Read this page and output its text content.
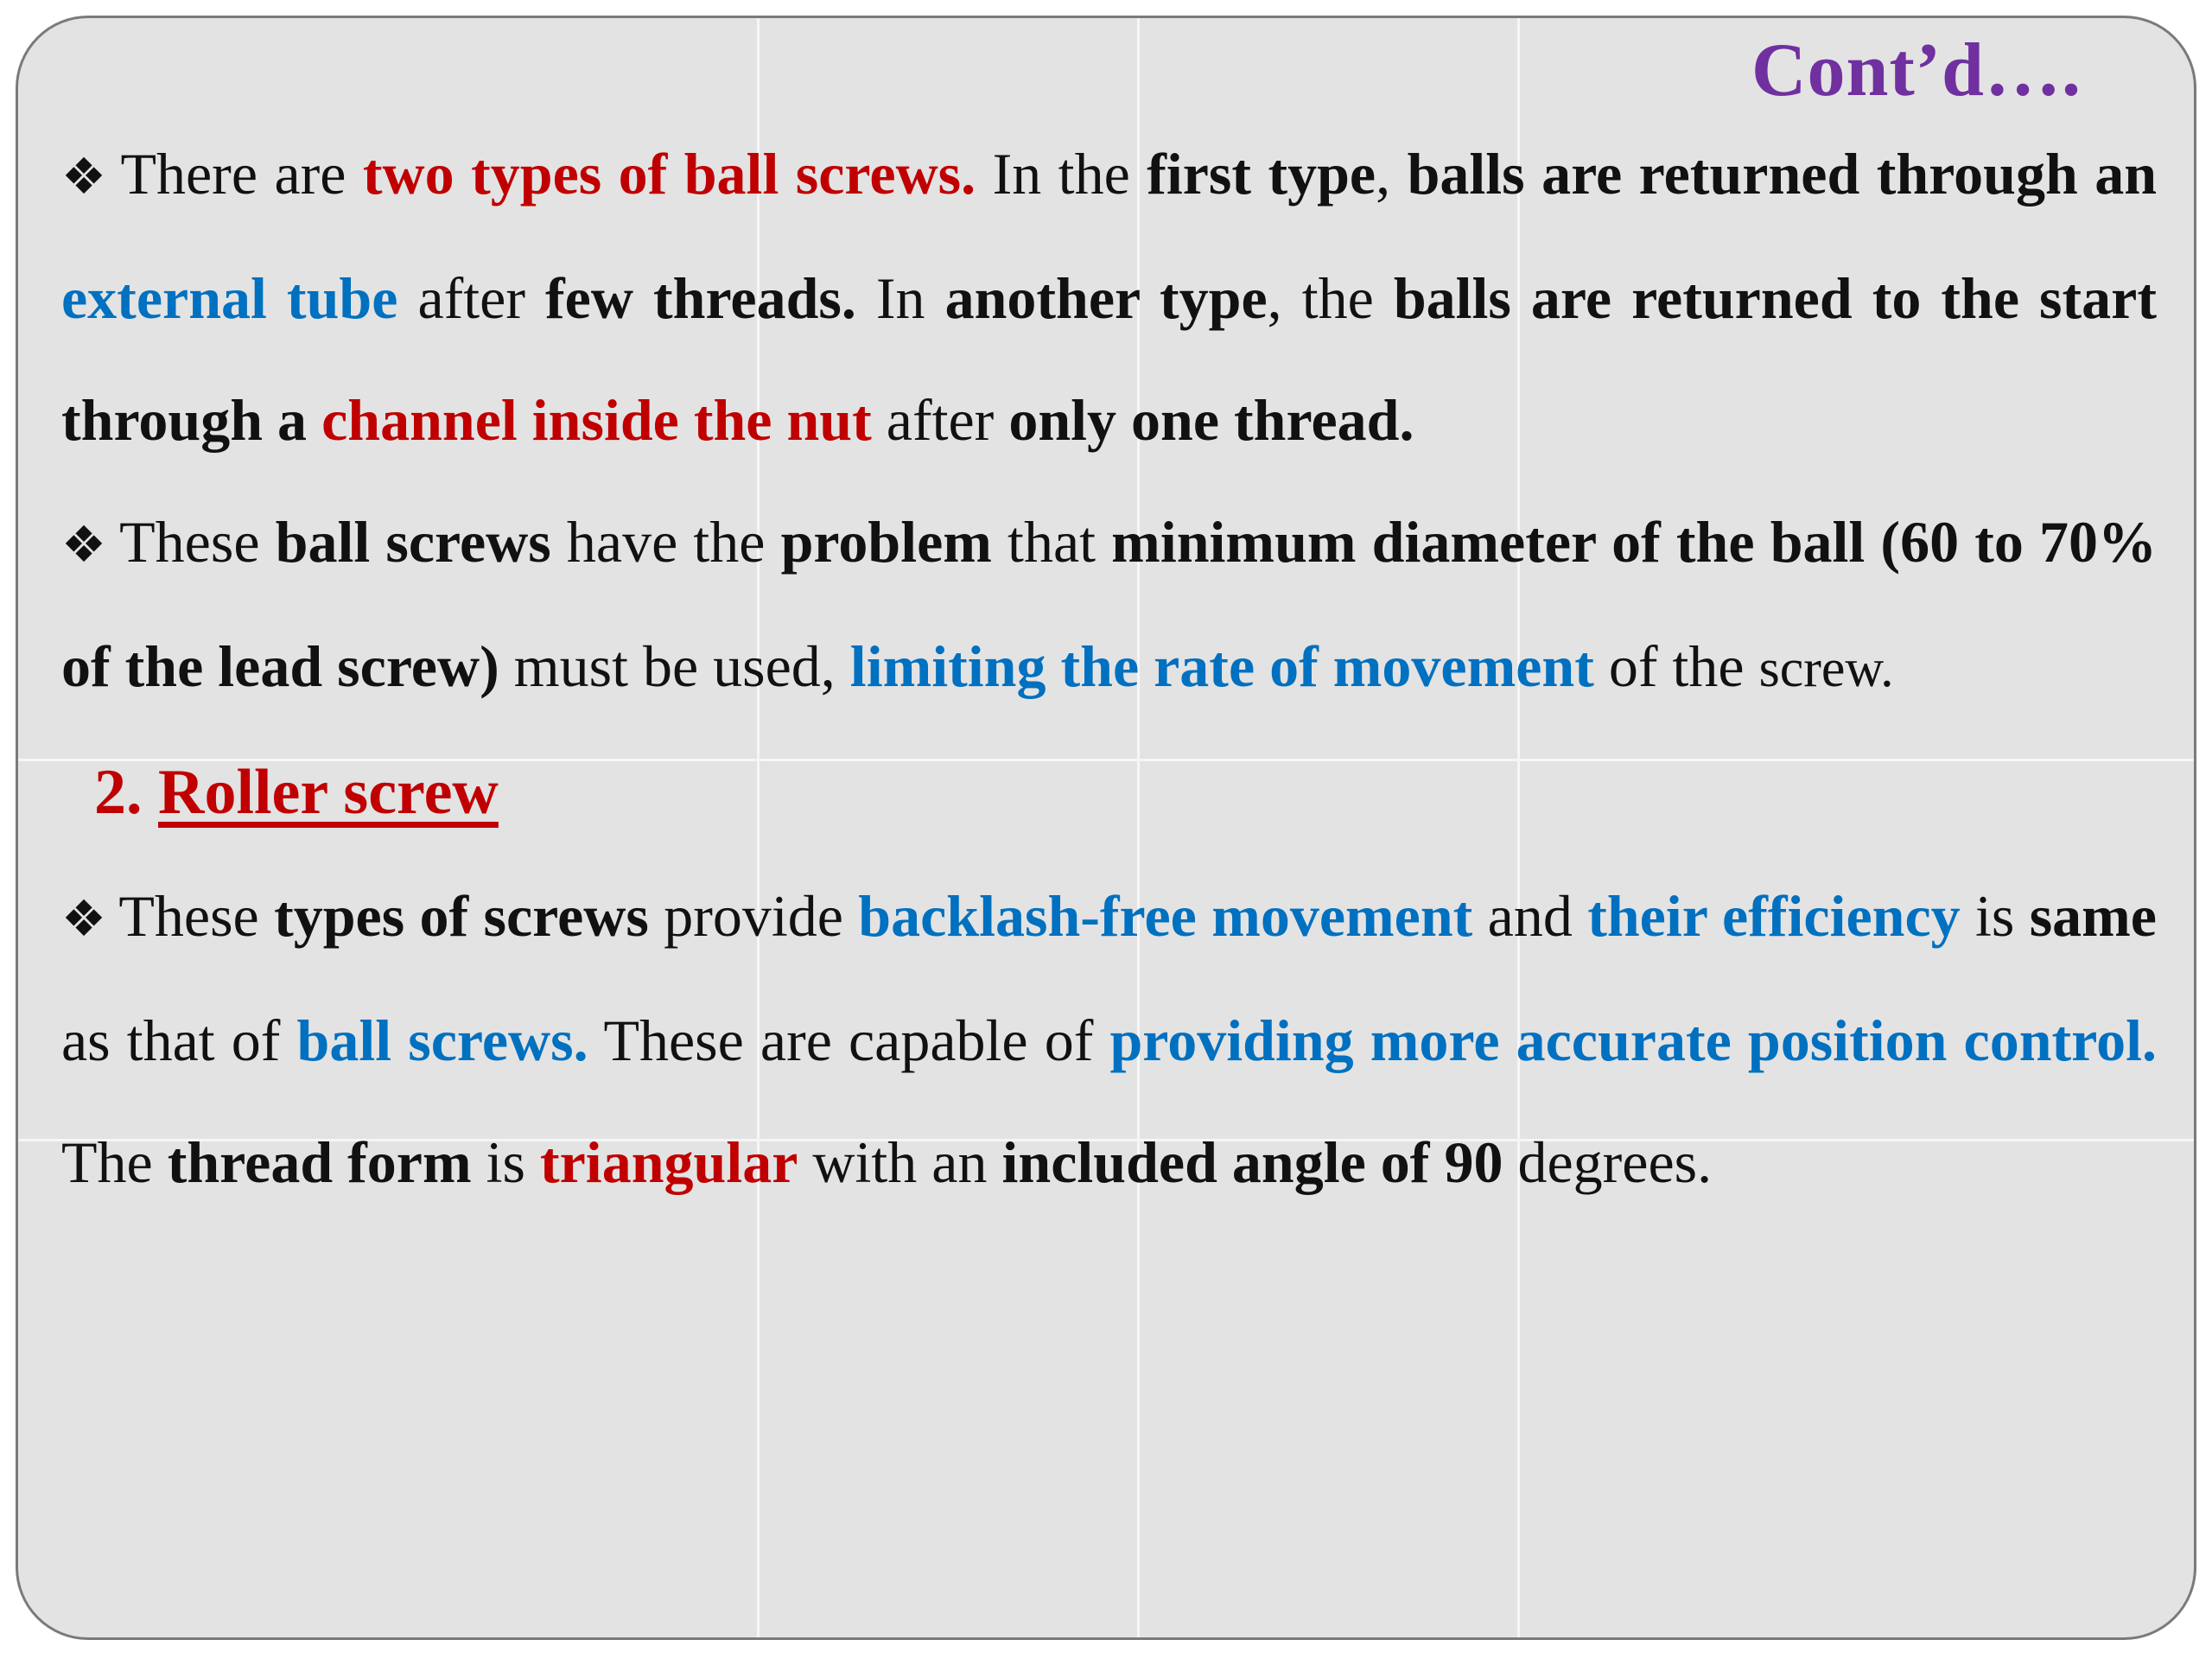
Cont’d….

❖ There are two types of ball screws. In the first type, balls are returned through an external tube after few threads. In another type, the balls are returned to the start through a channel inside the nut after only one thread.

❖ These ball screws have the problem that minimum diameter of the ball (60 to 70% of the lead screw) must be used, limiting the rate of movement of the screw.

2. Roller screw

❖ These types of screws provide backlash-free movement and their efficiency is same as that of ball screws. These are capable of providing more accurate position control. The thread form is triangular with an included angle of 90 degrees.
